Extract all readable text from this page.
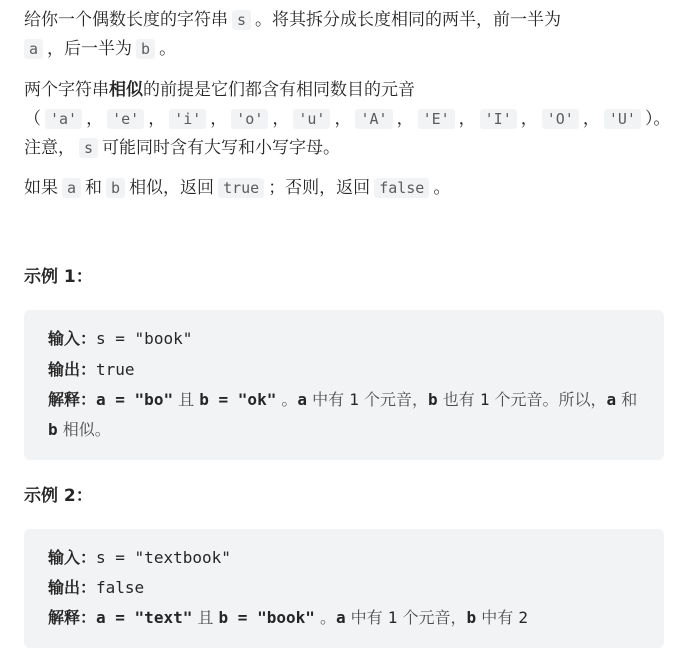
给你一个偶数长度的字符串 s 。将其拆分成长度相同的两半，前一半为
a ，后一半为 b 。

两个字符串相似的前提是它们都含有相同数目的元音
（ 'a' ， 'e' ， 'i' ， 'o' ， 'u' ， 'A' ， 'E' ， 'I' ， 'O' ， 'U' ）。
注意， s 可能同时含有大写和小写字母。

如果 a 和 b 相似，返回 true ；否则，返回 false 。

示例 1：
输入：s = "book"
输出：true
解释：a = "bo" 且 b = "ok" 。a 中有 1 个元音，b 也有 1 个元音。所以，a 和 b 相似。
示例 2：
输入：s = "textbook"
输出：false
解释：a = "text" 且 b = "book" 。a 中有 1 个元音，b 中有 2
